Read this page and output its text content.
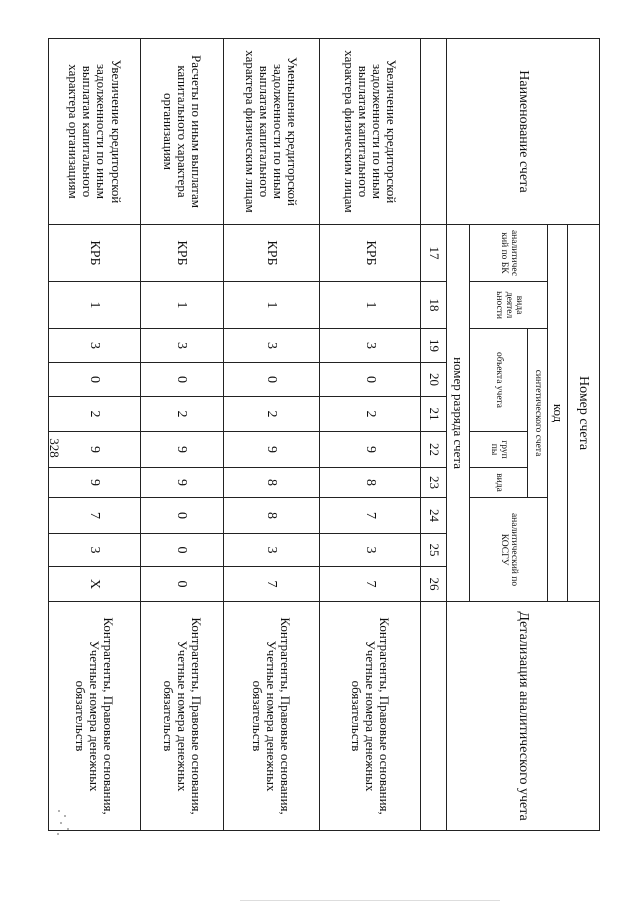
328
Наименование счета	Номер счета										Детализация аналитического учета
	код										
	аналитичес кий по БК	вида деятел ьности	синтетического счета					аналитический по КОСГУ			
			объекта учета			груп пы	вида				
	номер разряда счета										
	17	18	19	20	21	22	23	24	25	26	
Увеличение кредиторской задолженности по иным выплатам капитального характера физическим лицам	КРБ	1	3	0	2	9	8	7	3	7	Контрагенты, Правовые основания, Учетные номера денежных обязательств
Уменьшение кредиторской задолженности по иным выплатам капитального характера физическим лицам	КРБ	1	3	0	2	9	8	8	3	7	Контрагенты, Правовые основания, Учетные номера денежных обязательств
Расчеты по иным выплатам капитального характера организациям	КРБ	1	3	0	2	9	9	0	0	0	Контрагенты, Правовые основания, Учетные номера денежных обязательств
Увеличение кредиторской задолженности по иным выплатам капитального характера организациям	КРБ	1	3	0	2	9	9	7	3	X	Контрагенты, Правовые основания, Учетные номера денежных обязательств
